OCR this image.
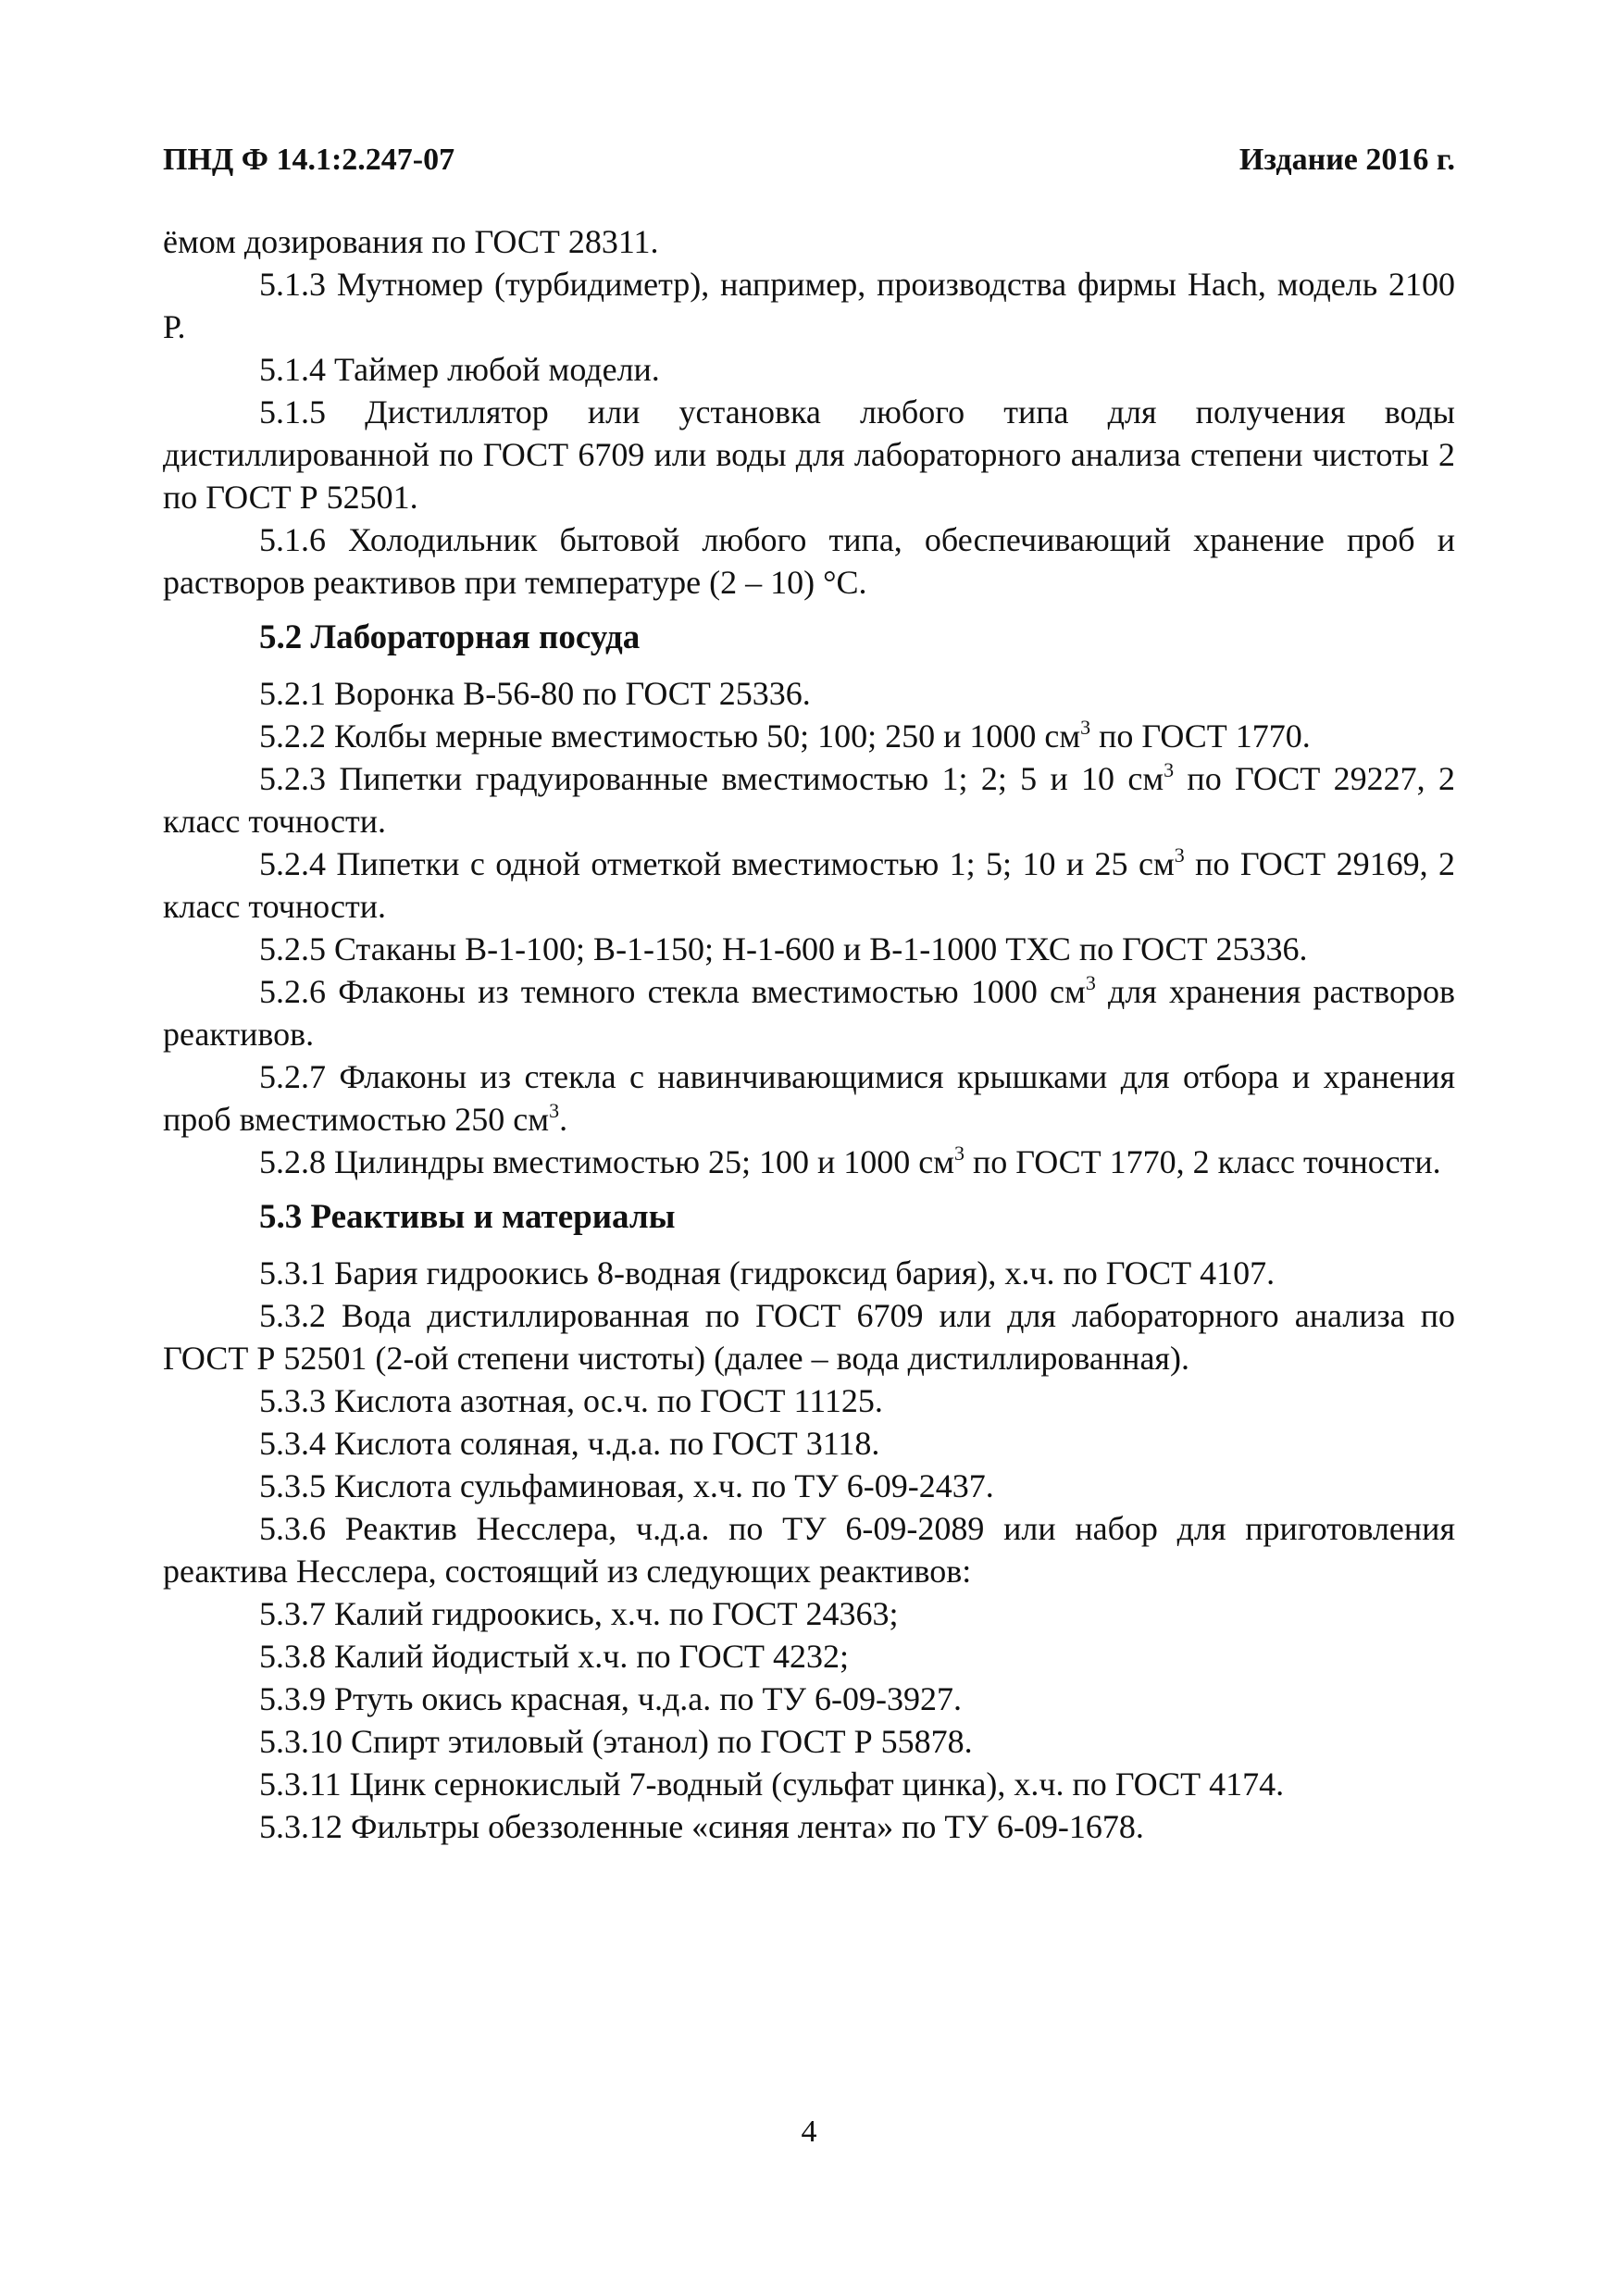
ПНД Ф 14.1:2.247-07	Издание 2016 г.

ёмом дозирования по ГОСТ 28311.

5.1.3 Мутномер (турбидиметр), например, производства фирмы Hach, модель 2100 Р.

5.1.4 Таймер любой модели.

5.1.5 Дистиллятор или установка любого типа для получения воды дистиллированной по ГОСТ 6709 или воды для лабораторного анализа степени чистоты 2 по ГОСТ Р 52501.

5.1.6 Холодильник бытовой любого типа, обеспечивающий хранение проб и растворов реактивов при температуре (2 – 10) °С.

5.2 Лабораторная посуда

5.2.1 Воронка В-56-80 по ГОСТ 25336.

5.2.2 Колбы мерные вместимостью 50; 100; 250 и 1000 $см^3$ по ГОСТ 1770.

5.2.3 Пипетки градуированные вместимостью 1; 2; 5 и 10 $см^3$ по ГОСТ 29227, 2 класс точности.

5.2.4 Пипетки с одной отметкой вместимостью 1; 5; 10 и 25 $см^3$ по ГОСТ 29169, 2 класс точности.

5.2.5 Стаканы В-1-100; В-1-150; Н-1-600 и В-1-1000 ТХС по ГОСТ 25336.

5.2.6 Флаконы из темного стекла вместимостью 1000 $см^3$ для хранения растворов реактивов.

5.2.7 Флаконы из стекла с навинчивающимися крышками для отбора и хранения проб вместимостью 250 $см^3$.

5.2.8 Цилиндры вместимостью 25; 100 и 1000 $см^3$ по ГОСТ 1770, 2 класс точности.

5.3 Реактивы и материалы

5.3.1 Бария гидроокись 8-водная (гидроксид бария), х.ч. по ГОСТ 4107.

5.3.2 Вода дистиллированная по ГОСТ 6709 или для лабораторного анализа по ГОСТ Р 52501 (2-ой степени чистоты) (далее – вода дистиллированная).

5.3.3 Кислота азотная, ос.ч. по ГОСТ 11125.

5.3.4 Кислота соляная, ч.д.а. по ГОСТ 3118.

5.3.5 Кислота сульфаминовая, х.ч. по ТУ 6-09-2437.

5.3.6 Реактив Несслера, ч.д.а. по ТУ 6-09-2089 или набор для приготовления реактива Несслера, состоящий из следующих реактивов:

5.3.7 Калий гидроокись, х.ч. по ГОСТ 24363;

5.3.8 Калий йодистый х.ч. по ГОСТ 4232;

5.3.9 Ртуть окись красная, ч.д.а. по ТУ 6-09-3927.

5.3.10 Спирт этиловый (этанол) по ГОСТ Р 55878.

5.3.11 Цинк сернокислый 7-водный (сульфат цинка), х.ч. по ГОСТ 4174.

5.3.12 Фильтры обеззоленные «синяя лента» по ТУ 6-09-1678.

4
